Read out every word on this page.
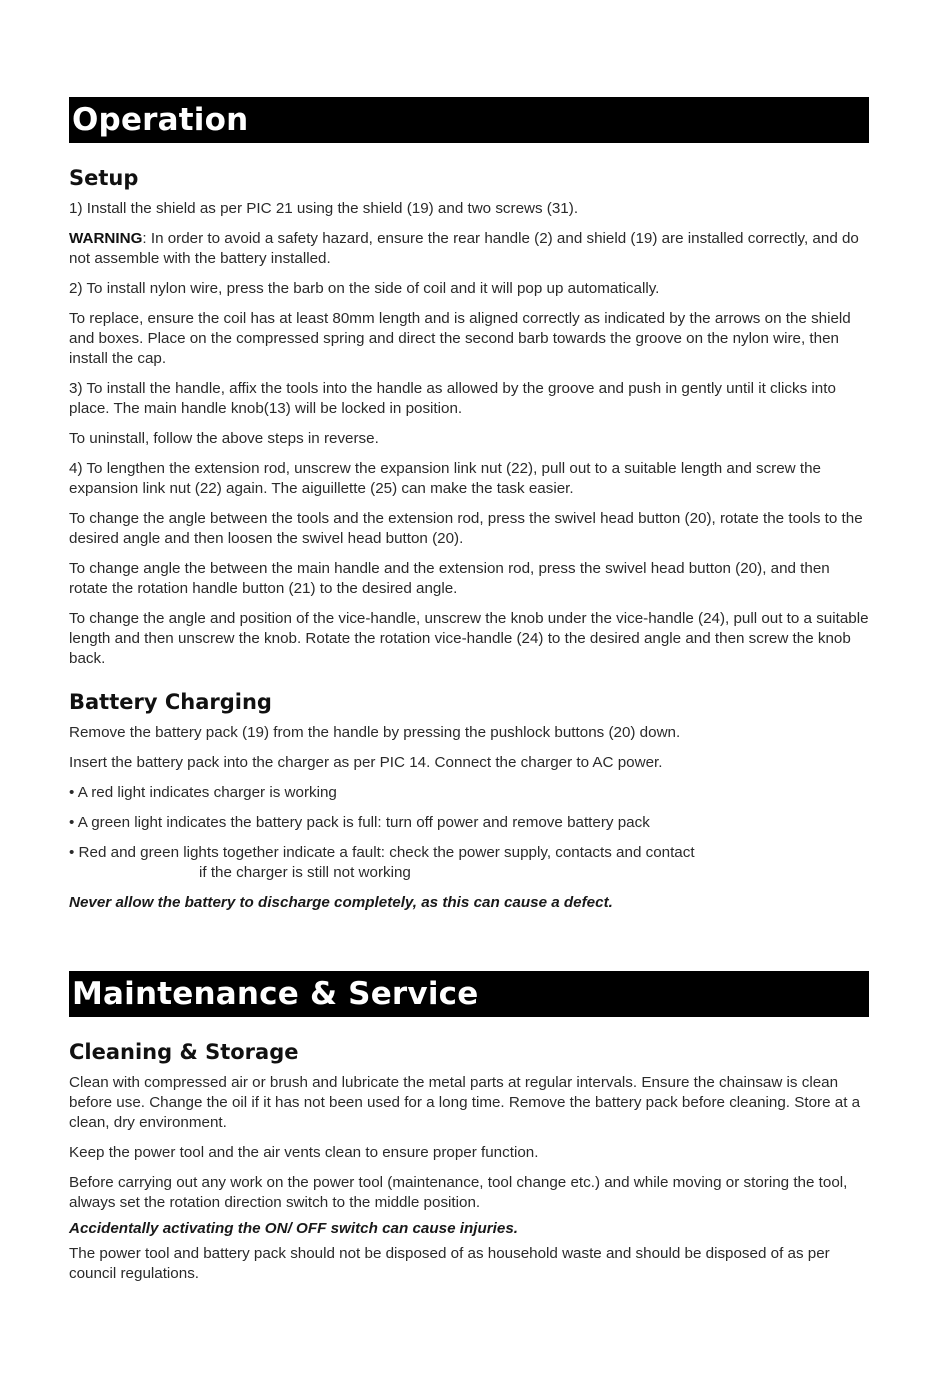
Operation
Setup

1) Install the shield as per PIC 21 using the shield (19) and two screws (31).

WARNING: In order to avoid a safety hazard, ensure the rear handle (2) and shield (19) are installed correctly, and do not assemble with the battery installed.

2) To install nylon wire, press the barb on the side of coil and it will pop up automatically.

To replace, ensure the coil has at least 80mm length and is aligned correctly as indicated by the arrows on the shield and boxes. Place on the compressed spring and direct the second barb towards the groove on the nylon wire, then install the cap.

3) To install the handle, affix the tools into the handle as allowed by the groove and push in gently until it clicks into place. The main handle knob(13) will be locked in position.

To uninstall, follow the above steps in reverse.

4) To lengthen the extension rod, unscrew the expansion link nut (22), pull out to a suitable length and screw the expansion link nut (22) again. The aiguillette (25) can make the task easier.

To change the angle between the tools and the extension rod, press the swivel head button (20), rotate the tools to the desired angle and then loosen the swivel head button (20).

To change angle the between the main handle and the extension rod, press the swivel head button (20), and then rotate the rotation handle button (21) to the desired angle.

To change the angle and position of the vice-handle, unscrew the knob under the vice-handle (24), pull out to a suitable length and then unscrew the knob. Rotate the rotation vice-handle (24) to the desired angle and then screw the knob back.

Battery Charging

Remove the battery pack (19) from the handle by pressing the pushlock buttons (20) down.

Insert the battery pack into the charger as per PIC 14. Connect the charger to AC power.

• A red light indicates charger is working

• A green light indicates the battery pack is full: turn off power and remove battery pack

• Red and green lights together indicate a fault: check the power supply, contacts and contact
if the charger is still not working

Never allow the battery to discharge completely, as this can cause a defect.

Maintenance & Service
Cleaning & Storage

Clean with compressed air or brush and lubricate the metal parts at regular intervals. Ensure the chainsaw is clean before use. Change the oil if it has not been used for a long time. Remove the battery pack before cleaning. Store at a clean, dry environment.

Keep the power tool and the air vents clean to ensure proper function.

Before carrying out any work on the power tool (maintenance, tool change etc.) and while moving or storing the tool, always set the rotation direction switch to the middle position.

Accidentally activating the ON/ OFF switch can cause injuries.

The power tool and battery pack should not be disposed of as household waste and should be disposed of as per council regulations.
